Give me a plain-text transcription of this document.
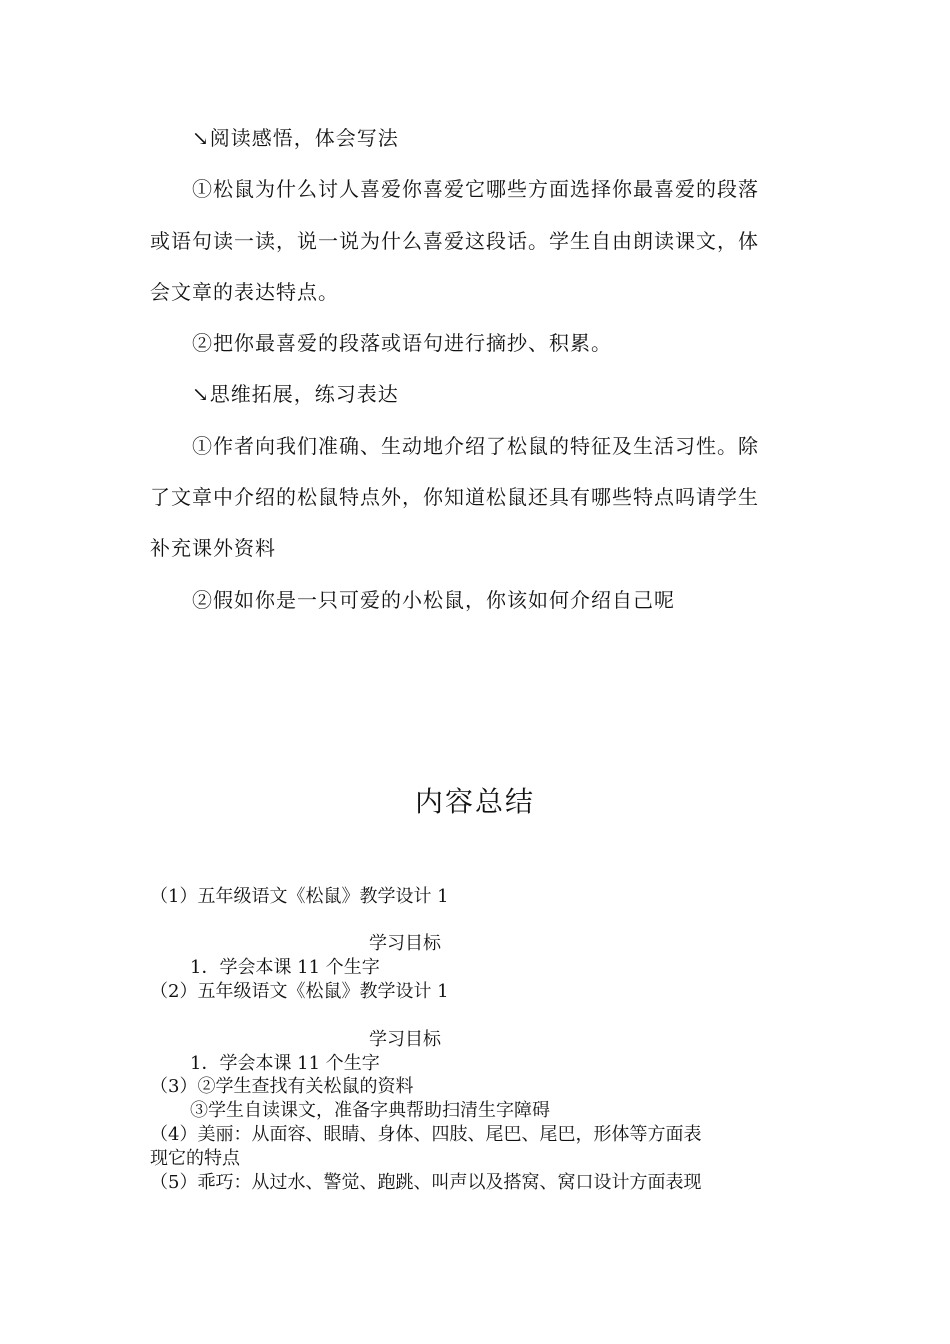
↘阅读感悟，体会写法

①松鼠为什么讨人喜爱你喜爱它哪些方面选择你最喜爱的段落

或语句读一读，说一说为什么喜爱这段话。学生自由朗读课文，体

会文章的表达特点。

②把你最喜爱的段落或语句进行摘抄、积累。

↘思维拓展，练习表达

①作者向我们准确、生动地介绍了松鼠的特征及生活习性。除

了文章中介绍的松鼠特点外，你知道松鼠还具有哪些特点吗请学生

补充课外资料

②假如你是一只可爱的小松鼠，你该如何介绍自己呢

内容总结

（1）五年级语文《松鼠》教学设计 1

学习目标

1．学会本课 11 个生字

（2）五年级语文《松鼠》教学设计 1

学习目标

1．学会本课 11 个生字

（3）②学生查找有关松鼠的资料

③学生自读课文，准备字典帮助扫清生字障碍

（4）美丽：从面容、眼睛、身体、四肢、尾巴、尾巴，形体等方面表

现它的特点

（5）乖巧：从过水、警觉、跑跳、叫声以及搭窝、窝口设计方面表现
